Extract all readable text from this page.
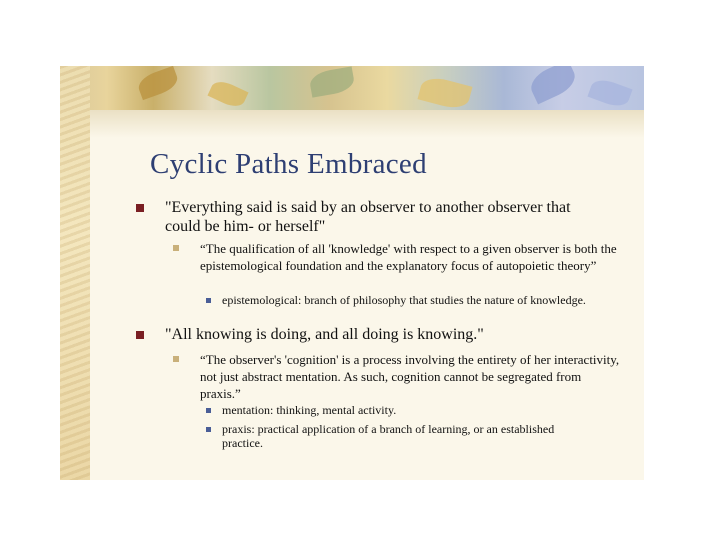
Cyclic Paths Embraced
"Everything said is said by an observer to another observer that could be him- or herself"
“The qualification of all 'knowledge' with respect to a given observer is both the epistemological foundation and the explanatory focus of autopoietic theory”
epistemological: branch of philosophy that studies the nature of knowledge.
"All knowing is doing, and all doing is knowing."
“The observer's 'cognition' is a process involving the entirety of her interactivity, not just abstract mentation. As such, cognition cannot be segregated from praxis.”
mentation: thinking, mental activity.
praxis: practical application of a branch of learning, or an established practice.
